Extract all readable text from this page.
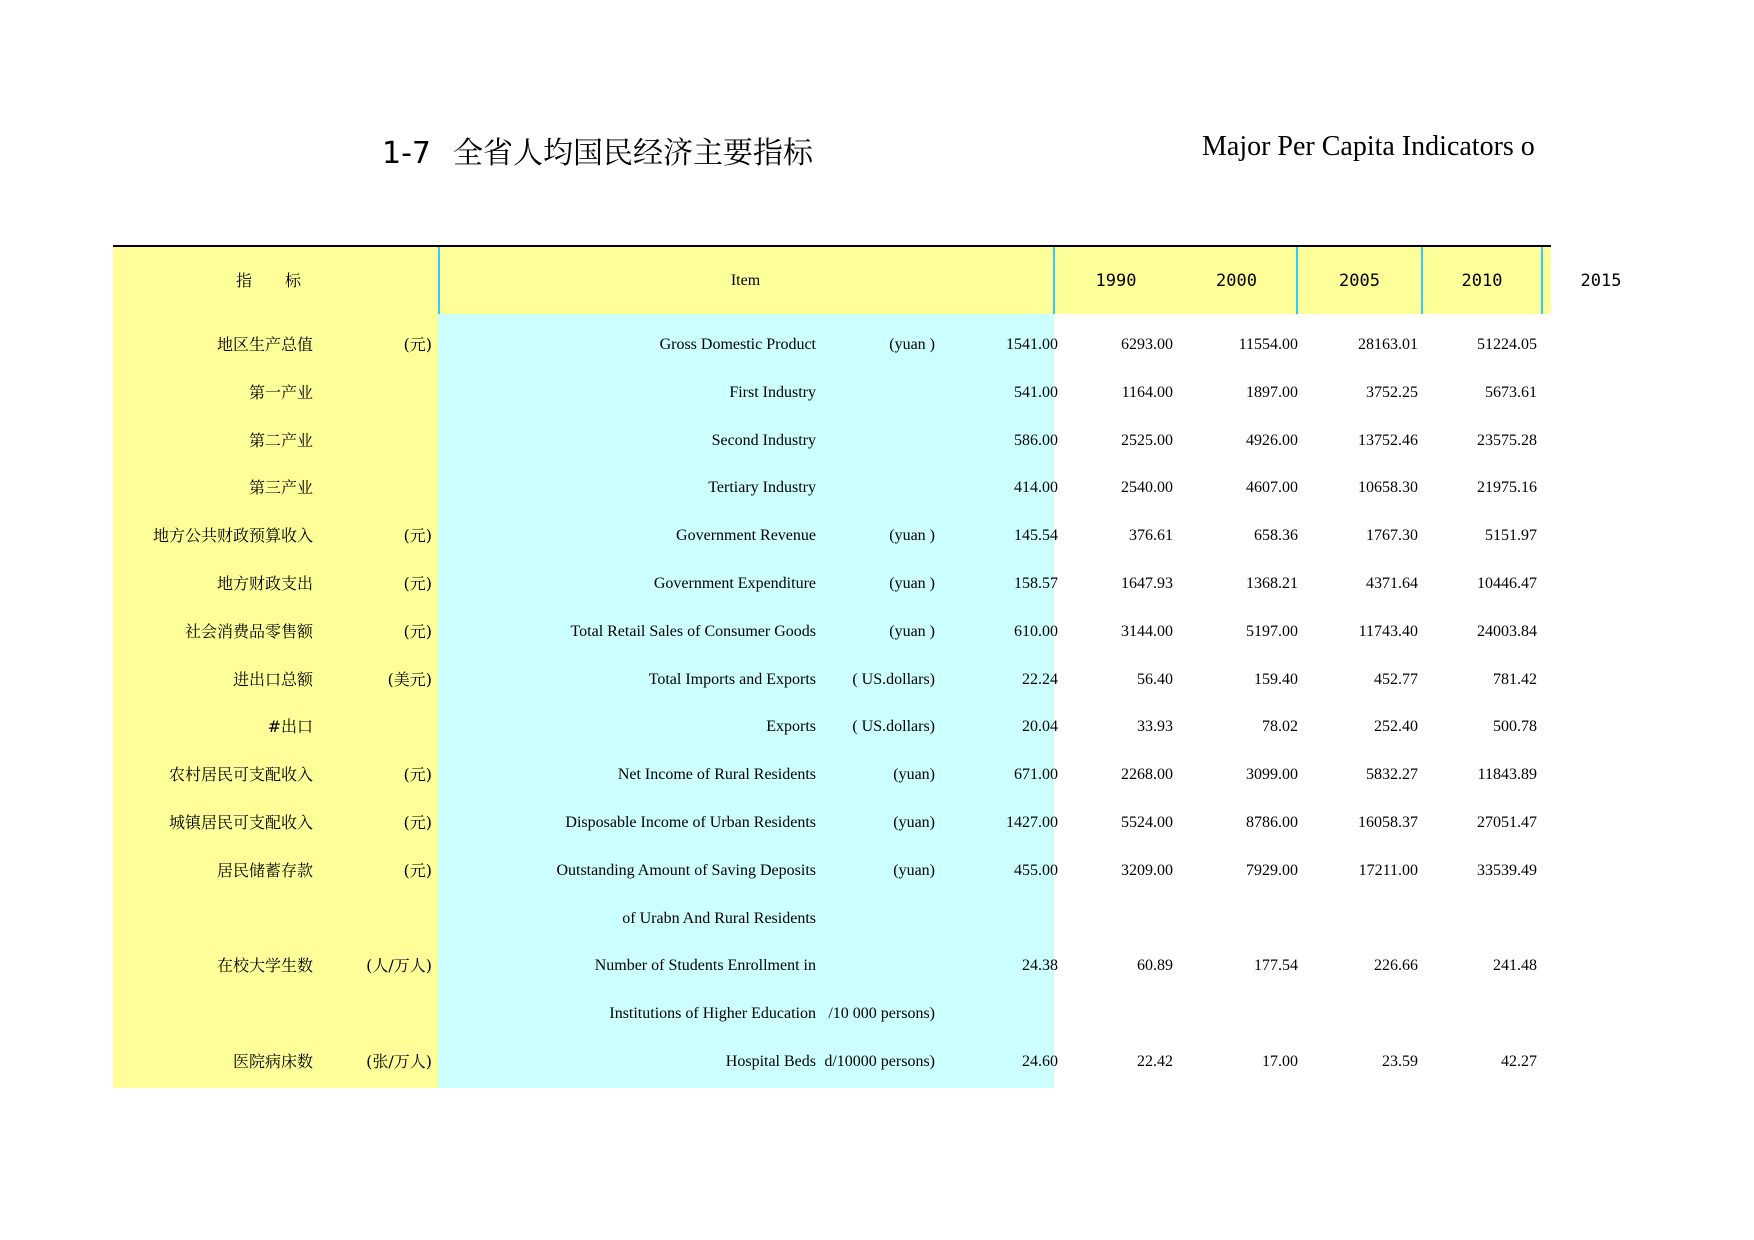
1-7 全省人均国民经济主要指标	Major Per Capita Indicators o
指 标	Item	1990	2000	2005	2010	2015
地区生产总值	(元)	Gross Domestic Product	(yuan )	1541.00	6293.00	11554.00	28163.01	51224.05
第一产业	First Industry	541.00	1164.00	1897.00	3752.25	5673.61
第二产业	Second Industry	586.00	2525.00	4926.00	13752.46	23575.28
第三产业	Tertiary Industry	414.00	2540.00	4607.00	10658.30	21975.16
地方公共财政预算收入	(元)	Government Revenue	(yuan )	145.54	376.61	658.36	1767.30	5151.97
地方财政支出	(元)	Government Expenditure	(yuan )	158.57	1647.93	1368.21	4371.64	10446.47
社会消费品零售额	(元)	Total Retail Sales of Consumer Goods	(yuan )	610.00	3144.00	5197.00	11743.40	24003.84
进出口总额	(美元)	Total Imports and Exports ( US.dollars)	22.24	56.40	159.40	452.77	781.42
#出口	Exports ( US.dollars)	20.04	33.93	78.02	252.40	500.78
农村居民可支配收入	(元)	Net Income of Rural Residents	(yuan)	671.00	2268.00	3099.00	5832.27	11843.89
城镇居民可支配收入	(元)	Disposable Income of Urban Residents	(yuan)	1427.00	5524.00	8786.00	16058.37	27051.47
居民储蓄存款	(元)	Outstanding Amount of Saving Deposits	(yuan)	455.00	3209.00	7929.00	17211.00	33539.49
of Urabn And Rural Residents
在校大学生数	(人/万人)	Number of Students Enrollment in	24.38	60.89	177.54	226.66	241.48
Institutions of Higher Education /10 000 persons)
医院病床数	(张/万人)	Hospital Beds d/10000 persons)	24.60	22.42	17.00	23.59	42.27
